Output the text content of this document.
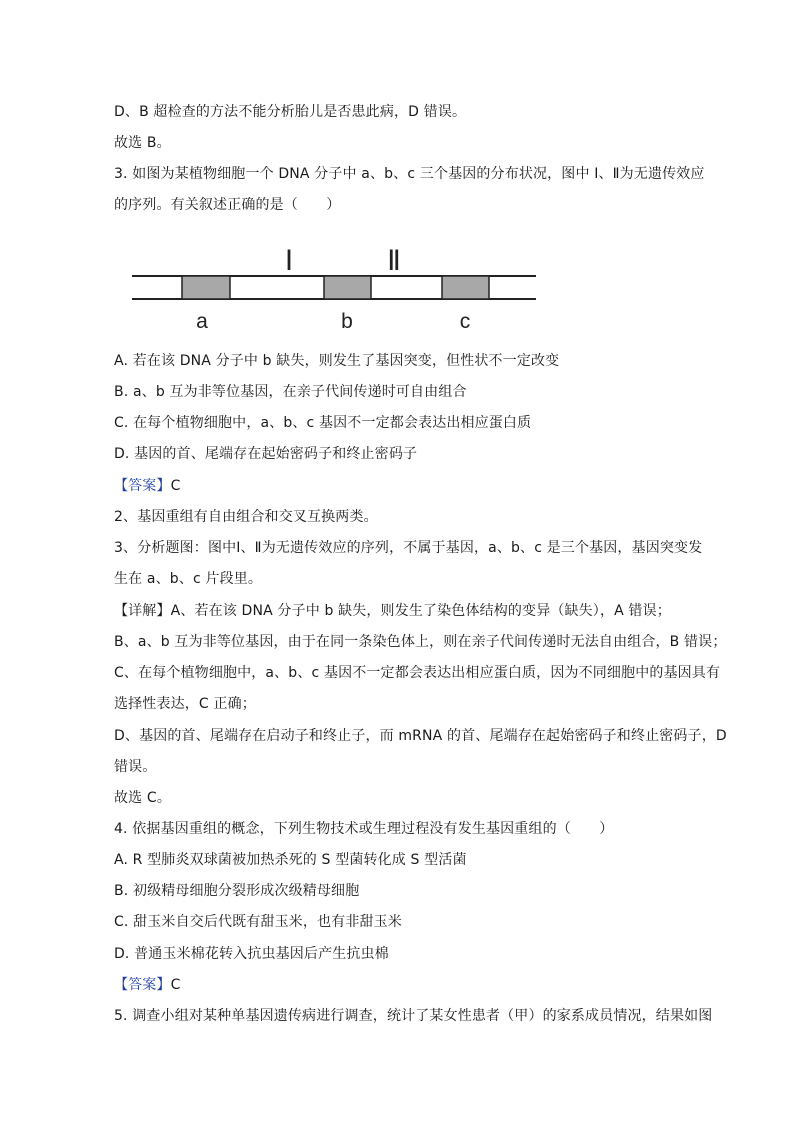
D、B 超检查的方法不能分析胎儿是否患此病，D 错误。
故选 B。
3. 如图为某植物细胞一个 DNA 分子中 a、b、c 三个基因的分布状况，图中 Ⅰ、Ⅱ为无遗传效应
的序列。有关叙述正确的是（　　）
Ⅰ	Ⅱ
a	b	c
A. 若在该 DNA 分子中 b 缺失，则发生了基因突变，但性状不一定改变
B. a、b 互为非等位基因，在亲子代间传递时可自由组合
C. 在每个植物细胞中，a、b、c 基因不一定都会表达出相应蛋白质
D. 基因的首、尾端存在起始密码子和终止密码子
【答案】C
2、基因重组有自由组合和交叉互换两类。
3、分析题图：图中Ⅰ、Ⅱ为无遗传效应的序列，不属于基因，a、b、c 是三个基因，基因突变发
生在 a、b、c 片段里。
【详解】A、若在该 DNA 分子中 b 缺失，则发生了染色体结构的变异（缺失），A 错误；
B、a、b 互为非等位基因，由于在同一条染色体上，则在亲子代间传递时无法自由组合，B 错误；
C、在每个植物细胞中，a、b、c 基因不一定都会表达出相应蛋白质，因为不同细胞中的基因具有
选择性表达，C 正确；
D、基因的首、尾端存在启动子和终止子，而 mRNA 的首、尾端存在起始密码子和终止密码子，D
错误。
故选 C。
4. 依据基因重组的概念，下列生物技术或生理过程没有发生基因重组的（　　）
A. R 型肺炎双球菌被加热杀死的 S 型菌转化成 S 型活菌
B. 初级精母细胞分裂形成次级精母细胞
C. 甜玉米自交后代既有甜玉米，也有非甜玉米
D. 普通玉米棉花转入抗虫基因后产生抗虫棉
【答案】C
5. 调查小组对某种单基因遗传病进行调查，统计了某女性患者（甲）的家系成员情况，结果如图
